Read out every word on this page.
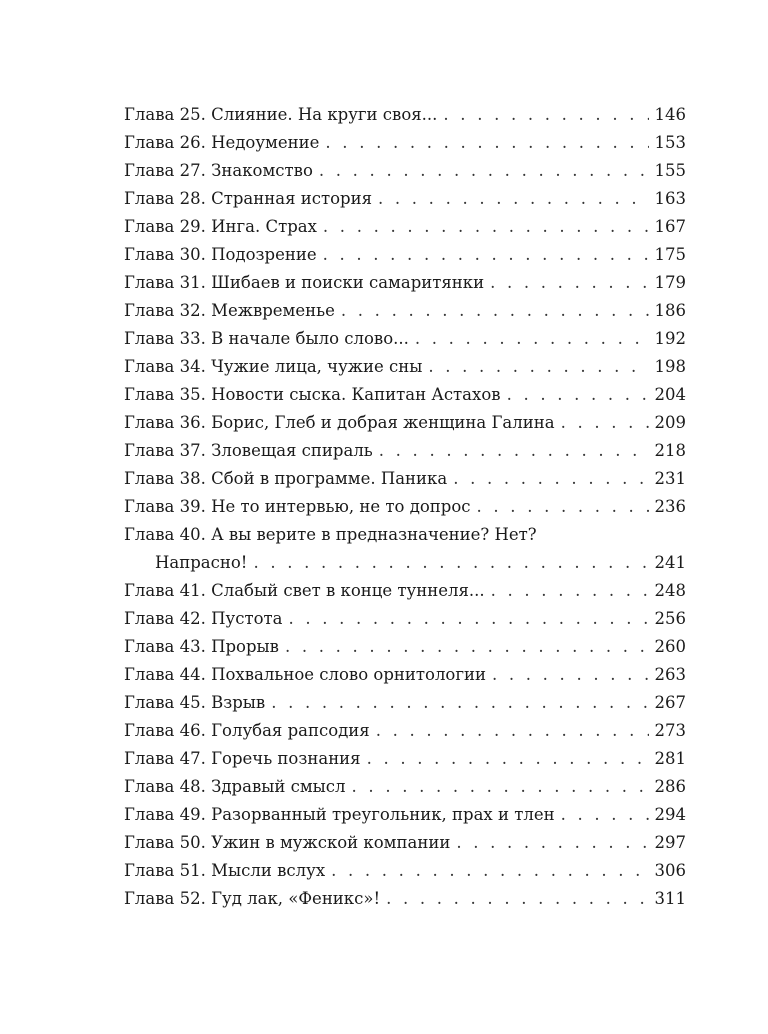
Глава 25. Слияние. На круги своя... . . .	146
Глава 26. Недоумение . . .	153
Глава 27. Знакомство . . .	155
Глава 28. Странная история . . .	163
Глава 29. Инга. Страх . . .	167
Глава 30. Подозрение . . .	175
Глава 31. Шибаев и поиски самаритянки . . .	179
Глава 32. Межвременье . . .	186
Глава 33. В начале было слово... . . .	192
Глава 34. Чужие лица, чужие сны . . .	198
Глава 35. Новости сыска. Капитан Астахов . . .	204
Глава 36. Борис, Глеб и добрая женщина Галина . . .	209
Глава 37. Зловещая спираль . . .	218
Глава 38. Сбой в программе. Паника . . .	231
Глава 39. Не то интервью, не то допрос . . .	236
Глава 40. А вы верите в предназначение? Нет?
Напрасно! . . .	241
Глава 41. Слабый свет в конце туннеля... . . .	248
Глава 42. Пустота . . .	256
Глава 43. Прорыв . . .	260
Глава 44. Похвальное слово орнитологии . . .	263
Глава 45. Взрыв . . .	267
Глава 46. Голубая рапсодия . . .	273
Глава 47. Горечь познания . . .	281
Глава 48. Здравый смысл . . .	286
Глава 49. Разорванный треугольник, прах и тлен . . .	294
Глава 50. Ужин в мужской компании . . .	297
Глава 51. Мысли вслух . . .	306
Глава 52. Гуд лак, «Феникс»! . . .	311
